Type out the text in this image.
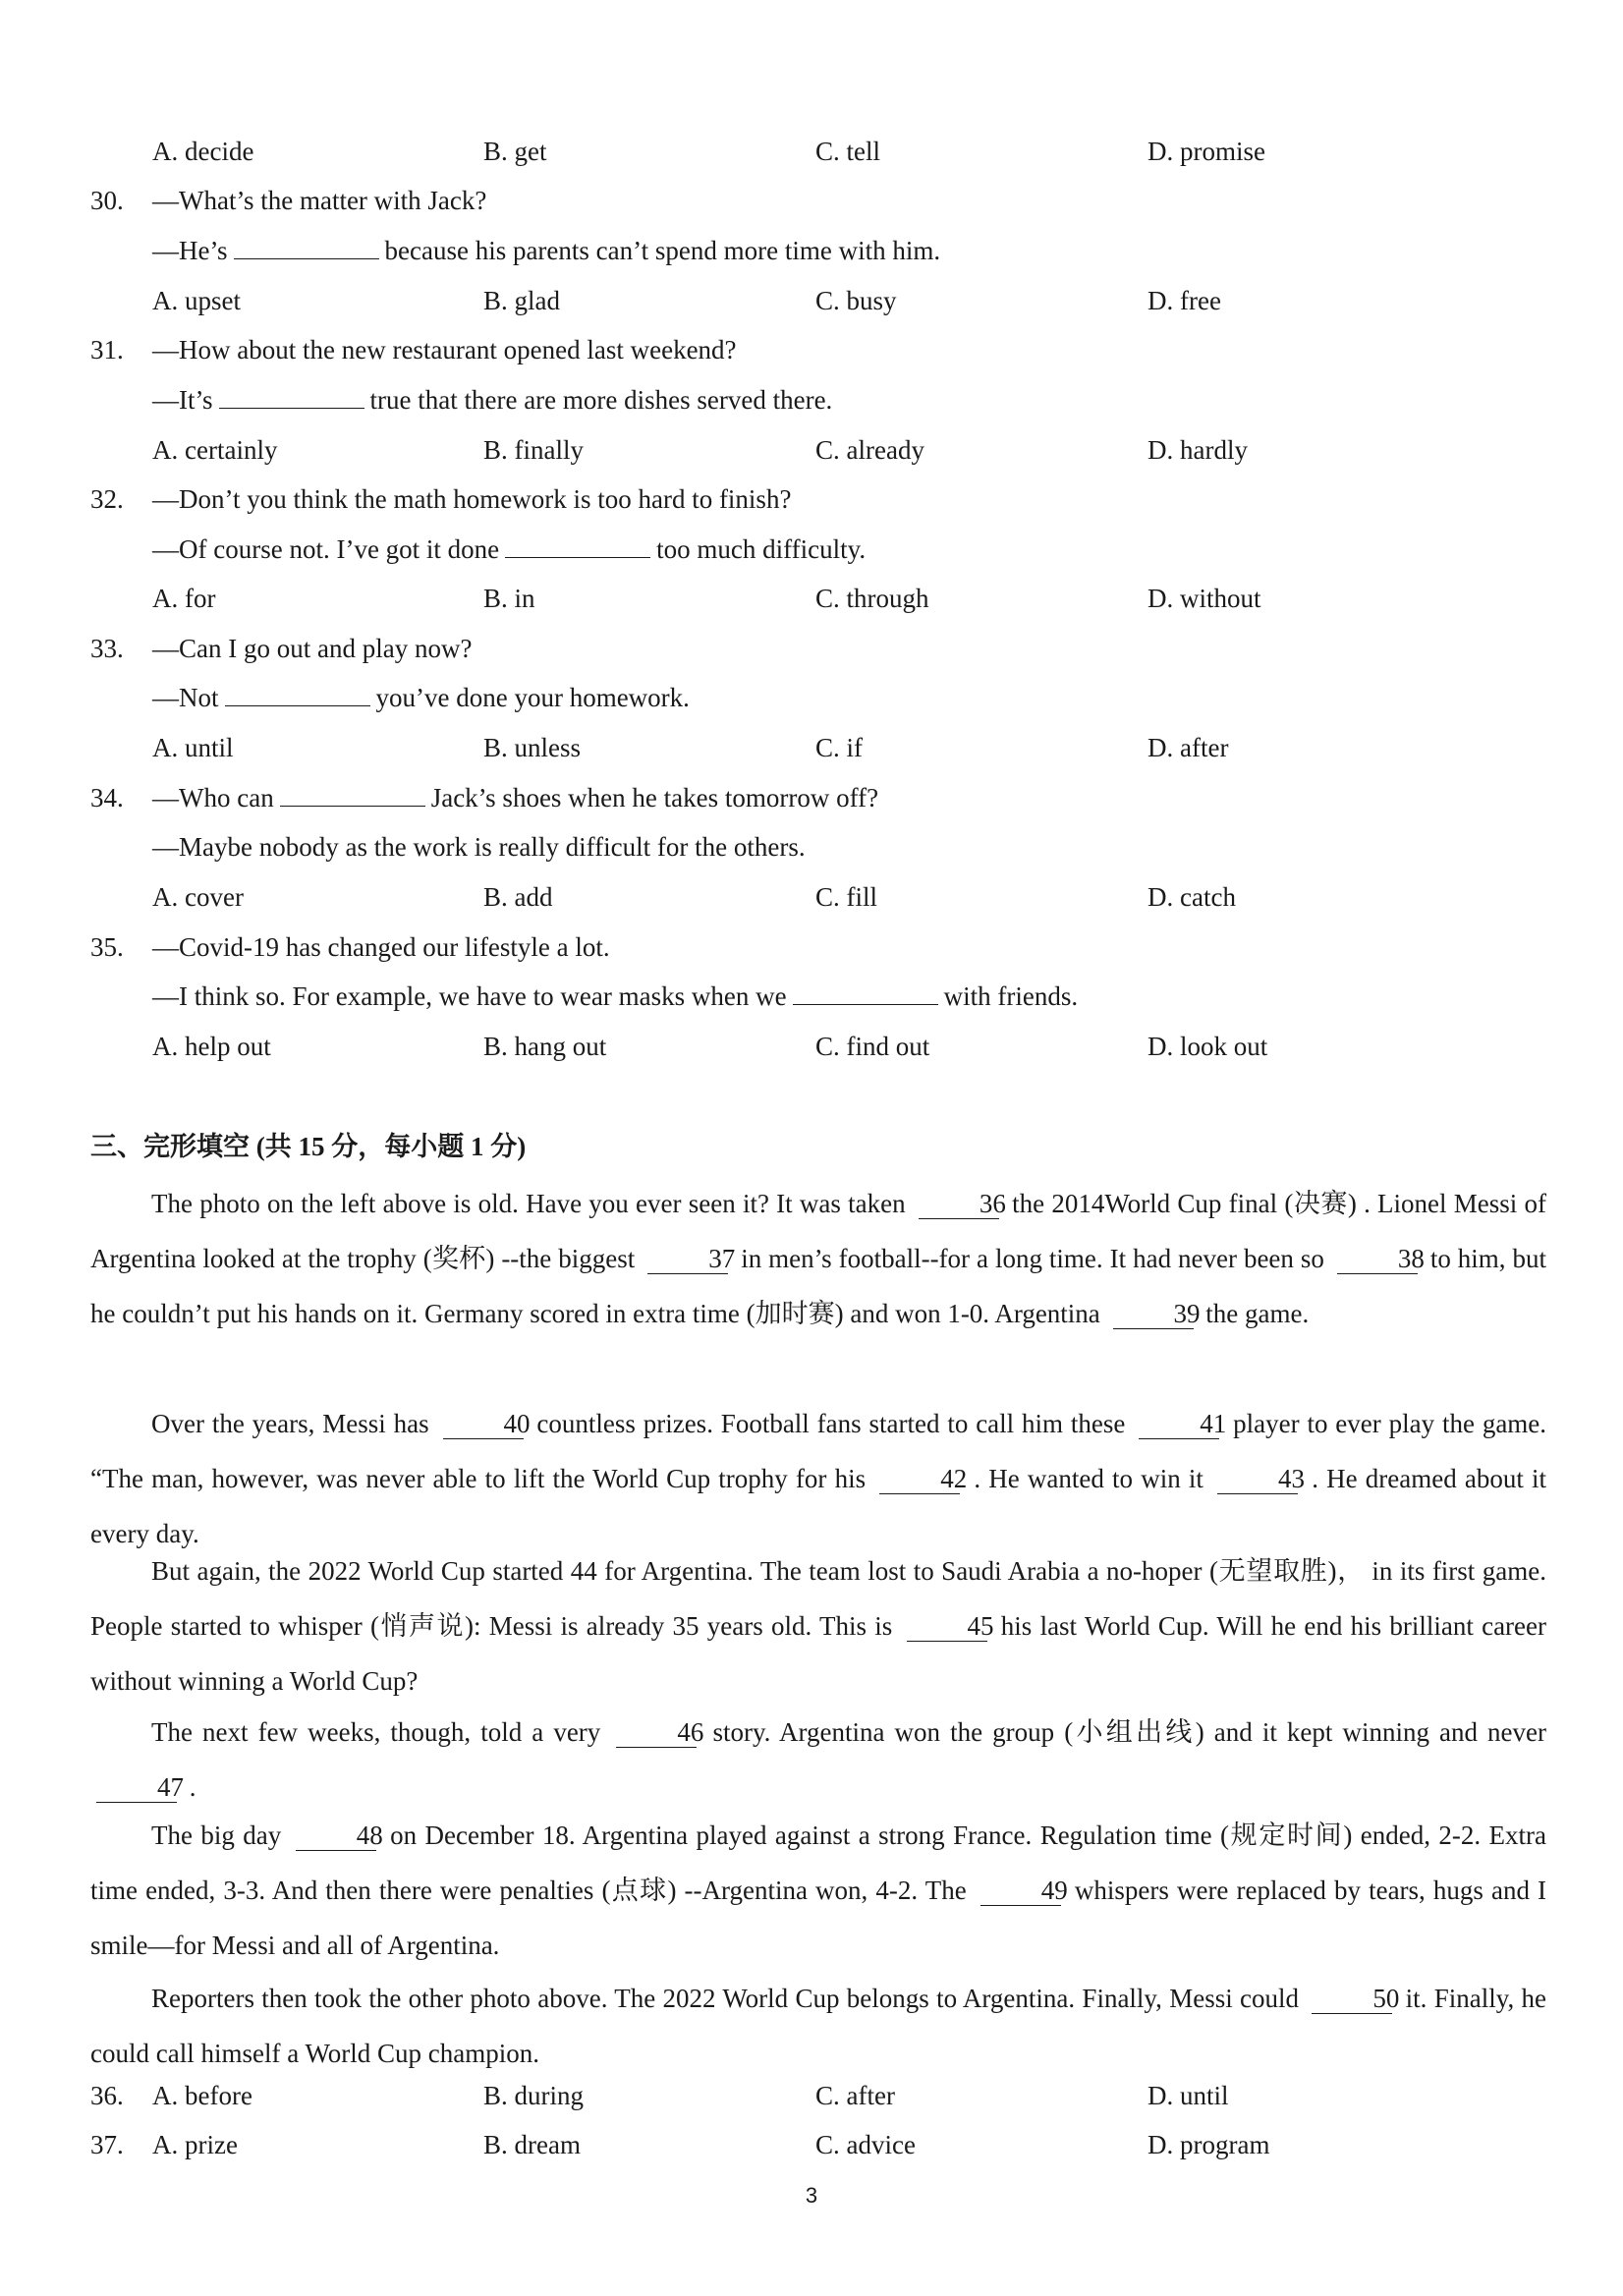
A. decide	B. get	C. tell	D. promise
30. —What’s the matter with Jack?
—He’s	because his parents can’t spend more time with him.
A. upset	B. glad	C. busy	D. free
31. —How about the new restaurant opened last weekend?
—It’s	true that there are more dishes served there.
A. certainly	B. finally	C. already	D. hardly
32. —Don’t you think the math homework is too hard to finish?
—Of course not. I’ve got it done	too much difficulty.
A. for	B. in	C. through	D. without
33. —Can I go out and play now?
—Not	you’ve done your homework.
A. until	B. unless	C. if	D. after
34. —Who can	Jack’s shoes when he takes tomorrow off?
—Maybe nobody as the work is really difficult for the others.
A. cover	B. add	C. fill	D. catch
35. —Covid-19 has changed our lifestyle a lot.
—I think so. For example, we have to wear masks when we	with friends.
A. help out	B. hang out	C. find out	D. look out
三、完形填空 (共 15 分，每小题 1 分)
The photo on the left above is old. Have you ever seen it? It was taken	36 the 2014World Cup final (决赛) . Lionel Messi of Argentina looked at the trophy (奖杯) --the biggest	37 in men’s football--for a long time. It had never been so	38 to him, but he couldn’t put his hands on it. Germany scored in extra time (加时赛) and won 1-0. Argentina	39 the game.
Over the years, Messi has	40 countless prizes. Football fans started to call him these	41 player to ever play the game. “The man, however, was never able to lift the World Cup trophy for his	42 . He wanted to win it	43 . He dreamed about it every day.
But again, the 2022 World Cup started 44 for Argentina. The team lost to Saudi Arabia a no-hoper (无望取胜)， in its first game. People started to whisper (悄声说): Messi is already 35 years old. This is	45 his last World Cup. Will he end his brilliant career without winning a World Cup?
The next few weeks, though, told a very	46 story. Argentina won the group (小组出线) and it kept winning and never 47 .
The big day	48 on December 18. Argentina played against a strong France. Regulation time (规定时间) ended, 2-2. Extra time ended, 3-3. And then there were penalties (点球) --Argentina won, 4-2. The	49 whispers were replaced by tears, hugs and I smile—for Messi and all of Argentina.
Reporters then took the other photo above. The 2022 World Cup belongs to Argentina. Finally, Messi could	50 it. Finally, he could call himself a World Cup champion.
36. A. before	B. during	C. after	D. until
37. A. prize	B. dream	C. advice	D. program
3
